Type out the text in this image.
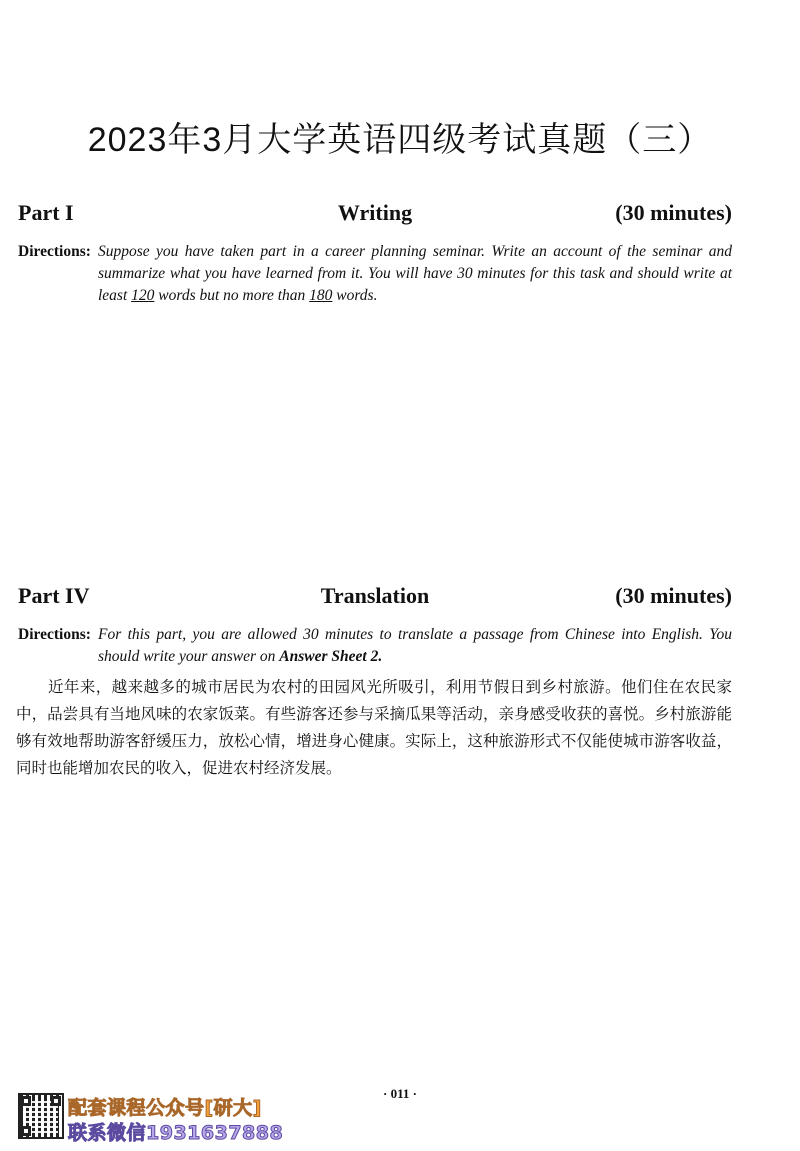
2023年3月大学英语四级考试真题（三）
Part I	Writing	(30 minutes)
Directions: Suppose you have taken part in a career planning seminar. Write an account of the seminar and summarize what you have learned from it. You will have 30 minutes for this task and should write at least 120 words but no more than 180 words.
Part IV	Translation	(30 minutes)
Directions: For this part, you are allowed 30 minutes to translate a passage from Chinese into English. You should write your answer on Answer Sheet 2.

近年来，越来越多的城市居民为农村的田园风光所吸引，利用节假日到乡村旅游。他们住在农民家中，品尝具有当地风味的农家饭菜。有些游客还参与采摘瓜果等活动，亲身感受收获的喜悦。乡村旅游能够有效地帮助游客舒缓压力，放松心情，增进身心健康。实际上，这种旅游形式不仅能使城市游客收益，同时也能增加农民的收入，促进农村经济发展。

· 011 ·
配套课程公众号[研大]
联系微信1931637888
